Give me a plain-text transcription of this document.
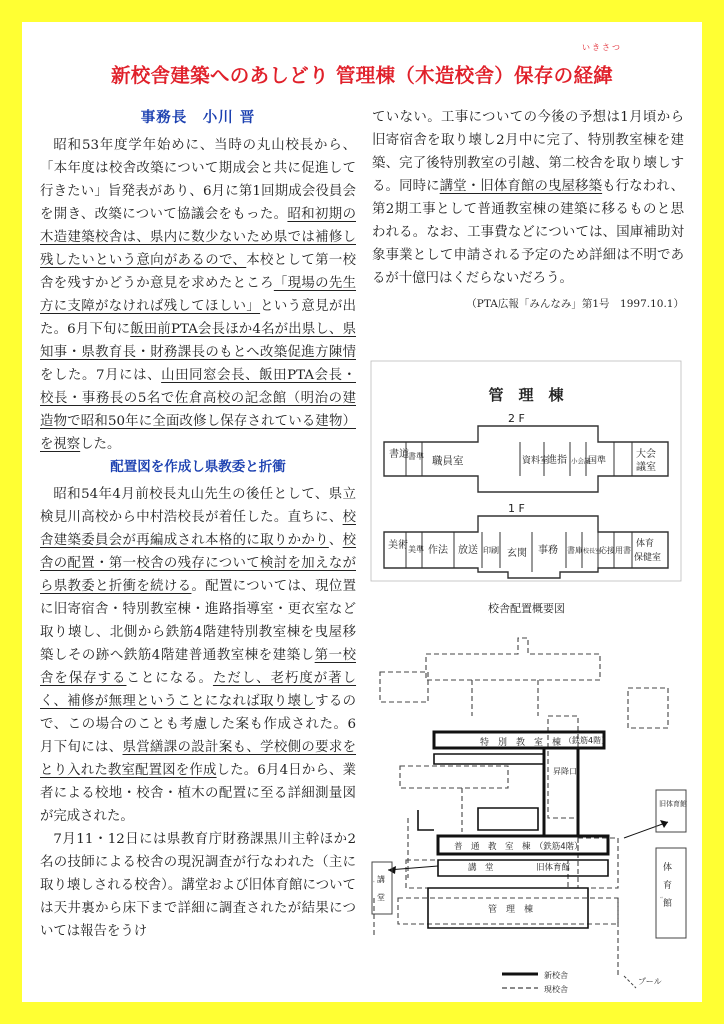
いきさつ
新校舎建築へのあしどり 管理棟（木造校舎）保存の経緯
事務長　小川 晋

昭和53年度学年始めに、当時の丸山校長から、「本年度は校舎改築について期成会と共に促進して行きたい」旨発表があり、6月に第1回期成会役員会を開き、改築について協議会をもった。昭和初期の木造建築校舎は、県内に数少ないため県では補修し残したいという意向があるので、本校として第一校舎を残すかどうか意見を求めたところ「現場の先生方に支障がなければ残してほしい」という意見が出た。6月下旬に飯田前PTA会長ほか4名が出県し、県知事・県教育長・財務課長のもとへ改築促進方陳情をした。7月には、山田同窓会長、飯田PTA会長・校長・事務長の5名で佐倉高校の記念館（明治の建造物で昭和50年に全面改修し保存されている建物）を視察した。

配置図を作成し県教委と折衝

昭和54年4月前校長丸山先生の後任として、県立検見川高校から中村浩校長が着任した。直ちに、校舎建築委員会が再編成され本格的に取りかかり、校舎の配置・第一校舎の残存について検討を加えながら県教委と折衝を続ける。配置については、現位置に旧寄宿舎・特別教室棟・進路指導室・更衣室など取り壊し、北側から鉄筋4階建特別教室棟を曳屋移築しその跡へ鉄筋4階建普通教室棟を建築し第一校舎を保存することになる。ただし、老朽度が著しく、補修が無理ということになれば取り壊しするので、この場合のことも考慮した案も作成された。6月下旬には、県営繕課の設計案も、学校側の要求をとり入れた教室配置図を作成した。6月4日から、業者による校地・校舎・植木の配置に至る詳細測量図が完成された。

7月11・12日には県教育庁財務課黒川主幹ほか2名の技師による校舎の現況調査が行なわれた（主に取り壊しされる校舎）。講堂および旧体育館については天井裏から床下まで詳細に調査されたが結果については報告をうけ

ていない。工事についての今後の予想は1月頃から旧寄宿舎を取り壊し2月中に完了、特別教室棟を建築、完了後特別教室の引越、第二校舎を取り壊しする。同時に講堂・旧体育館の曳屋移築も行なわれ、第2期工事として普通教室棟の建築に移るものと思われる。なお、工事費などについては、国庫補助対象事業として申請される予定のため詳細は不明であるが十億円はくだらないだろう。

（PTA広報「みんなみ」第1号　1997.10.1）
管　理　棟
2 F
書道 書準 職員室	資料室
進指 小会議
国準
大会
議室
1 F
美術 美準 作法 放送 印刷 玄関 事務 書庫 校長室
応接 用書
体育
保健室
校舎配置概要図
特　別　教　室　棟 （鉄筋4階）
昇降口
普　通　教　室　棟　（鉄筋4階）
講　堂	旧体育館
管　理　棟
講
堂
講堂
旧体育館
体
育
館
体育館
プール
新校舎
現校舎
